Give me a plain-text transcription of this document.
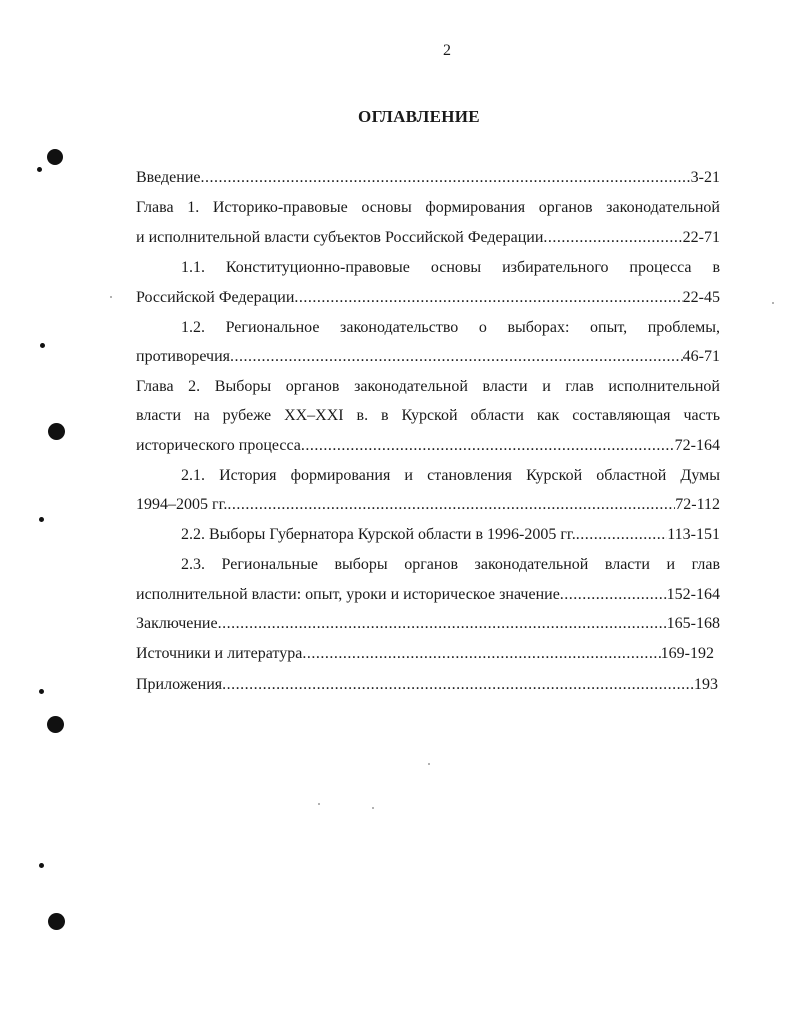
2
ОГЛАВЛЕНИЕ
Введение .....	3-21
Глава 1. Историко-правовые основы формирования органов законодательной
и исполнительной власти субъектов Российской Федерации .....	22-71
1.1. Конституционно-правовые основы избирательного процесса в
Российской Федерации .....	22-45
1.2. Региональное законодательство о выборах: опыт, проблемы,
противоречия .....	46-71
Глава 2. Выборы органов законодательной власти и глав исполнительной
власти на рубеже XX–XXI в. в Курской области как составляющая часть
исторического процесса .....	72-164
2.1. История формирования и становления Курской областной Думы
1994–2005 гг. .....	72-112
2.2. Выборы Губернатора Курской области в 1996-2005 гг. .....	113-151
2.3. Региональные выборы органов законодательной власти и глав
исполнительной власти: опыт, уроки и историческое значение .....	152-164
Заключение .....	165-168
Источники и литература .....	169-192
Приложения .....	193
